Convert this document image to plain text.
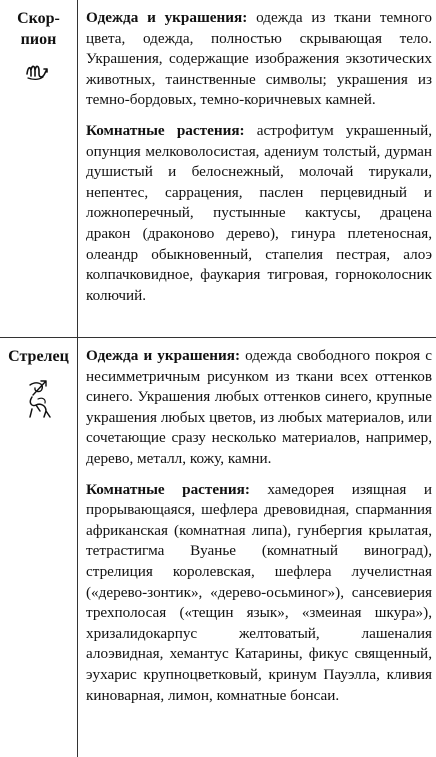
Скор-пион

Одежда и украшения: одежда из ткани темного цвета, одежда, полностью скрывающая тело. Украшения, содержащие изображения экзотических животных, таинственные символы; украшения из темно-бордовых, темно-коричневых камней.

Комнатные растения: астрофитум украшенный, опунция мелковолосистая, адениум толстый, дурман душистый и белоснежный, молочай тирукали, непентес, саррацения, паслен перцевидный и ложноперечный, пустынные кактусы, драцена дракон (драконово дерево), гинура плетеносная, олеандр обыкновенный, стапелия пестрая, алоэ колпачковидное, фаукария тигровая, горноколосник колючий.

Стрелец	Одежда и украшения: одежда свободного покроя с несимметричным рисунком из ткани всех оттенков синего. Украшения любых оттенков синего, крупные украшения любых цветов, из любых материалов, или сочетающие сразу несколько материалов, например, дерево, металл, кожу, камни.

Комнатные растения: хамедорея изящная и прорывающаяся, шефлера древовидная, спарманния африканская (комнатная липа), гунбергия крылатая, тетрастигма Вуанье (комнатный виноград), стрелиция королевская, шефлера лучелистная («дерево-зонтик», «дерево-осьминог»), сансевиерия трехполосая («тещин язык», «змеиная шкура»), хризалидокарпус желтоватый, лашеналия алоэвидная, хемантус Катарины, фикус священный, эухарис крупноцветковый, кринум Пауэлла, кливия киноварная, лимон, комнатные бонсаи.
